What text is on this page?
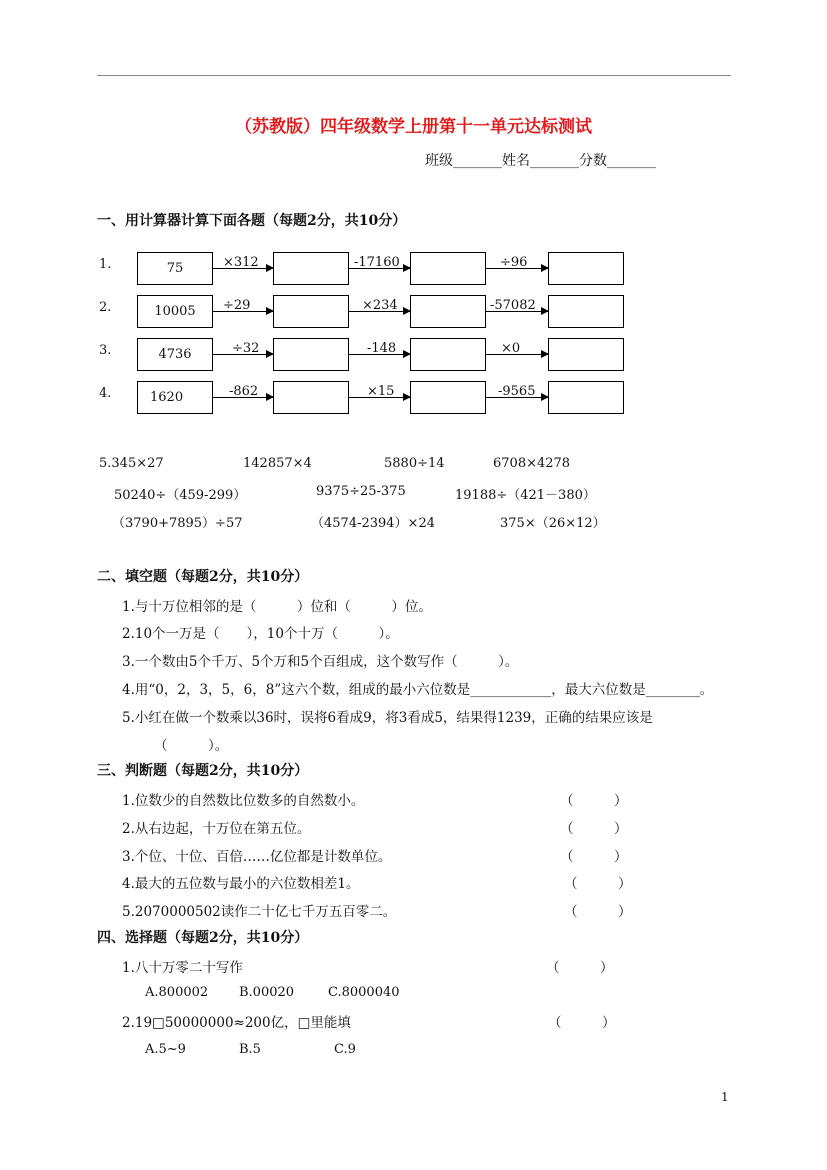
（苏教版）四年级数学上册第十一单元达标测试
班级_______姓名_______分数_______
一、用计算器计算下面各题（每题2分，共10分）
1.	75	×312	-17160	÷96
2.	10005	÷29	×234	-57082
3.	4736	÷32	-148	×0
4.	1620	-862	×15	-9565
5.345×27	142857×4	5880÷14	6708×4278
50240÷（459-299）	9375÷25-375	19188÷（421－380）
（3790+7895）÷57	（4574-2394）×24	375×（26×12）
二、填空题（每题2分，共10分）
1.与十万位相邻的是（　　　）位和（　　　）位。
2.10个一万是（　　），10个十万（　　　）。
3.一个数由5个千万、5个万和5个百组成，这个数写作（　　　）。
4.用“0，2，3，5，6，8”这六个数，组成的最小六位数是____________，最大六位数是________。
5.小红在做一个数乘以36时，误将6看成9，将3看成5，结果得1239，正确的结果应该是
（　　　）。
三、判断题（每题2分，共10分）
1.位数少的自然数比位数多的自然数小。	（　　　）
2.从右边起，十万位在第五位。	（　　　）
3.个位、十位、百倍……亿位都是计数单位。	（　　　）
4.最大的五位数与最小的六位数相差1。	（　　　）
5.2070000502读作二十亿七千万五百零二。	（　　　）
四、选择题（每题2分，共10分）
1.八十万零二十写作	（　　　）
A.800002 B.00020	C.8000040
2.19□50000000≈200亿，□里能填	（　　　）
A.5~9	B.5	C.9
1
